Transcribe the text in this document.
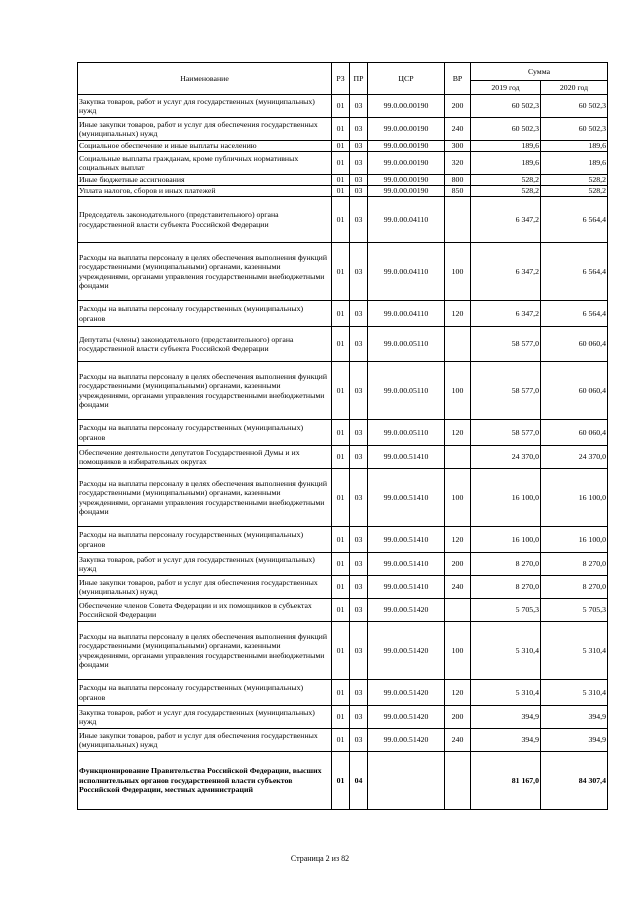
Наименование	РЗ	ПР	ЦСР	ВР	Сумма	
					2019 год	2020 год
Закупка товаров, работ и услуг для государственных (муниципальных) нужд	01	03	99.0.00.00190	200	60 502,3	60 502,3
Иные закупки товаров, работ и услуг для обеспечения государственных (муниципальных) нужд	01	03	99.0.00.00190	240	60 502,3	60 502,3
Социальное обеспечение и иные выплаты населению	01	03	99.0.00.00190	300	189,6	189,6
Социальные выплаты гражданам, кроме публичных нормативных социальных выплат	01	03	99.0.00.00190	320	189,6	189,6
Иные бюджетные ассигнования	01	03	99.0.00.00190	800	528,2	528,2
Уплата налогов, сборов и иных платежей	01	03	99.0.00.00190	850	528,2	528,2
Председатель законодательного (представительного) органа государственной власти субъекта Российской Федерации	01	03	99.0.00.04110		6 347,2	6 564,4
Расходы на выплаты персоналу в целях обеспечения выполнения функций государственными (муниципальными) органами, казенными учреждениями, органами управления государственными внебюджетными фондами	01	03	99.0.00.04110	100	6 347,2	6 564,4
Расходы на выплаты персоналу государственных (муниципальных) органов	01	03	99.0.00.04110	120	6 347,2	6 564,4
Депутаты (члены) законодательного (представительного) органа государственной власти субъекта Российской Федерации	01	03	99.0.00.05110		58 577,0	60 060,4
Расходы на выплаты персоналу в целях обеспечения выполнения функций государственными (муниципальными) органами, казенными учреждениями, органами управления государственными внебюджетными фондами	01	03	99.0.00.05110	100	58 577,0	60 060,4
Расходы на выплаты персоналу государственных (муниципальных) органов	01	03	99.0.00.05110	120	58 577,0	60 060,4
Обеспечение деятельности депутатов Государственной Думы и их помощников в избирательных округах	01	03	99.0.00.51410		24 370,0	24 370,0
Расходы на выплаты персоналу в целях обеспечения выполнения функций государственными (муниципальными) органами, казенными учреждениями, органами управления государственными внебюджетными фондами	01	03	99.0.00.51410	100	16 100,0	16 100,0
Расходы на выплаты персоналу государственных (муниципальных) органов	01	03	99.0.00.51410	120	16 100,0	16 100,0
Закупка товаров, работ и услуг для государственных (муниципальных) нужд	01	03	99.0.00.51410	200	8 270,0	8 270,0
Иные закупки товаров, работ и услуг для обеспечения государственных (муниципальных) нужд	01	03	99.0.00.51410	240	8 270,0	8 270,0
Обеспечение членов Совета Федерации и их помощников в субъектах Российской Федерации	01	03	99.0.00.51420		5 705,3	5 705,3
Расходы на выплаты персоналу в целях обеспечения выполнения функций государственными (муниципальными) органами, казенными учреждениями, органами управления государственными внебюджетными фондами	01	03	99.0.00.51420	100	5 310,4	5 310,4
Расходы на выплаты персоналу государственных (муниципальных) органов	01	03	99.0.00.51420	120	5 310,4	5 310,4
Закупка товаров, работ и услуг для государственных (муниципальных) нужд	01	03	99.0.00.51420	200	394,9	394,9
Иные закупки товаров, работ и услуг для обеспечения государственных (муниципальных) нужд	01	03	99.0.00.51420	240	394,9	394,9
Функционирование Правительства Российской Федерации, высших исполнительных органов государственной власти субъектов Российской Федерации, местных администраций	01	04			81 167,0	84 307,4
Страница 2 из 82
